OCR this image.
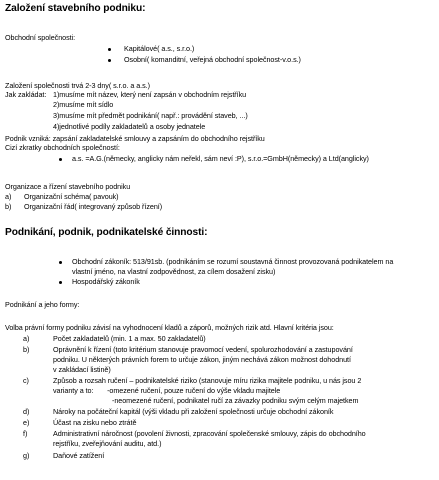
Založení stavebního podniku:
Obchodní společnosti:
Kapitálové( a.s., s.r.o.)
Osobní( komanditní, veřejná obchodní společnost-v.o.s.)
Založení společnosti trvá 2-3 dny( s.r.o. a a.s.)
Jak zakládat: 1)musíme mít název, který není zapsán v obchodním rejstříku
2)musíme mít sídlo
3)musíme mít předmět podnikání( např.: provádění staveb, ...)
4)jednotlivé podíly zakladatelů a osoby jednatele
Podnik vzniká: zapsání zakladatelské smlouvy a zapsáním do obchodního rejstříku
Cizí zkratky obchodních společností:
a.s. =A.G.(německy, anglicky nám neřekl, sám neví :P), s.r.o.=GmbH(německy) a Ltd(anglicky)
Organizace a řízení stavebního podniku
a) Organizační schéma( pavouk)
b) Organizační řád( integrovaný způsob řízení)
Podnikání, podnik, podnikatelské činnosti:
Obchodní zákoník: 513/91sb. (podnikáním se rozumí soustavná činnost provozovaná podnikatelem na
vlastní jméno, na vlastní zodpovědnost, za cílem dosažení zisku)
Hospodářský zákoník
Podnikání a jeho formy:
Volba právní formy podniku závisí na vyhodnocení kladů a záporů, možných rizik atd. Hlavní kritéria jsou:
a)	Počet zakladatelů (min. 1 a max. 50 zakladatelů)
b)	Oprávnění k řízení (toto kritérium stanovuje pravomocí vedení, spolurozhodování a zastupování
podniku. U některých právních forem to určuje zákon, jiným nechává zákon možnost dohodnutí
v zakládací listině)
c)	Způsob a rozsah ručení – podnikatelské riziko (stanovuje míru rizika majitele podniku, u nás jsou 2
varianty a to:       -omezené ručení, pouze ručení do výše vkladu majitele
-neomezené ručení, podnikatel ručí za závazky podniku svým celým majetkem
d)	Nároky na počáteční kapitál (výši vkladu při založení společnosti určuje obchodní zákoník
e)	Účast na zisku nebo ztrátě
f)	Administrativní náročnost (povolení živnosti, zpracování společenské smlouvy, zápis do obchodního
rejstříku, zveřejňování auditu, atd.)
g)	Daňové zatížení
